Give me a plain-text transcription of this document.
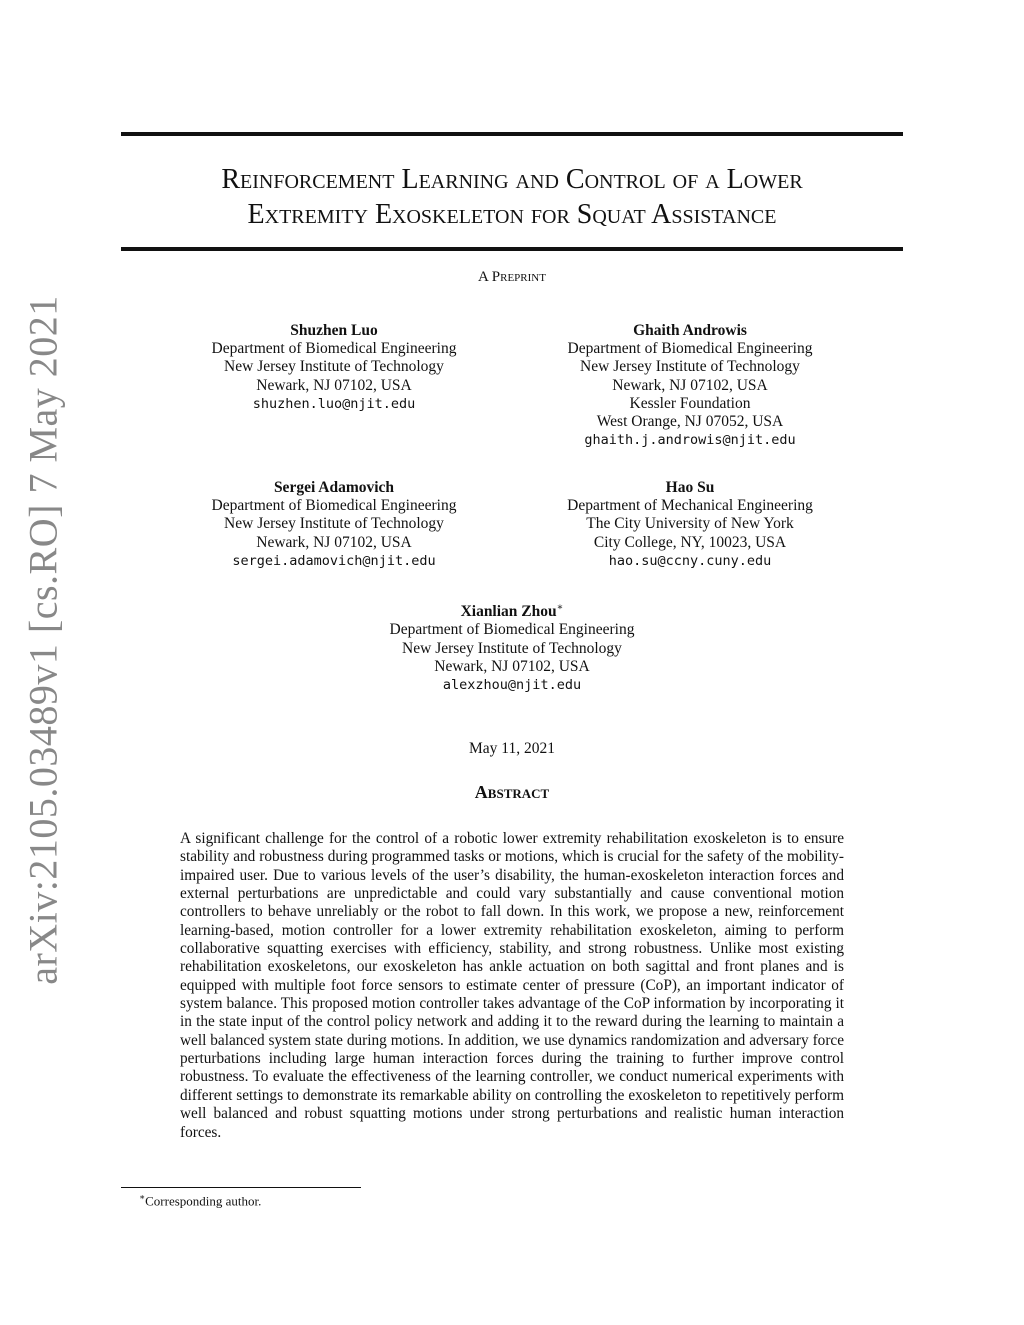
arXiv:2105.03489v1 [cs.RO] 7 May 2021
Reinforcement Learning and Control of a Lower
Extremity Exoskeleton for Squat Assistance
A Preprint
Shuzhen Luo
Department of Biomedical Engineering
New Jersey Institute of Technology
Newark, NJ 07102, USA
shuzhen.luo@njit.edu
Ghaith Androwis
Department of Biomedical Engineering
New Jersey Institute of Technology
Newark, NJ 07102, USA
Kessler Foundation
West Orange, NJ 07052, USA
ghaith.j.androwis@njit.edu
Sergei Adamovich
Department of Biomedical Engineering
New Jersey Institute of Technology
Newark, NJ 07102, USA
sergei.adamovich@njit.edu
Hao Su
Department of Mechanical Engineering
The City University of New York
City College, NY, 10023, USA
hao.su@ccny.cuny.edu
Xianlian Zhou∗
Department of Biomedical Engineering
New Jersey Institute of Technology
Newark, NJ 07102, USA
alexzhou@njit.edu
May 11, 2021
Abstract

A significant challenge for the control of a robotic lower extremity rehabilitation exoskeleton is to ensure stability and robustness during programmed tasks or motions, which is crucial for the safety of the mobility-impaired user. Due to various levels of the user’s disability, the human-exoskeleton interaction forces and external perturbations are unpredictable and could vary substantially and cause conventional motion controllers to behave unreliably or the robot to fall down. In this work, we propose a new, reinforcement learning-based, motion controller for a lower extremity rehabilitation exoskeleton, aiming to perform collaborative squatting exercises with efficiency, stability, and strong robustness. Unlike most existing rehabilitation exoskeletons, our exoskeleton has ankle actuation on both sagittal and front planes and is equipped with multiple foot force sensors to estimate center of pressure (CoP), an important indicator of system balance. This proposed motion controller takes advantage of the CoP information by incorporating it in the state input of the control policy network and adding it to the reward during the learning to maintain a well balanced system state during motions. In addition, we use dynamics randomization and adversary force perturbations including large human interaction forces during the training to further improve control robustness. To evaluate the effectiveness of the learning controller, we conduct numerical experiments with different settings to demonstrate its remarkable ability on controlling the exoskeleton to repetitively perform well balanced and robust squatting motions under strong perturbations and realistic human interaction forces.

∗Corresponding author.
